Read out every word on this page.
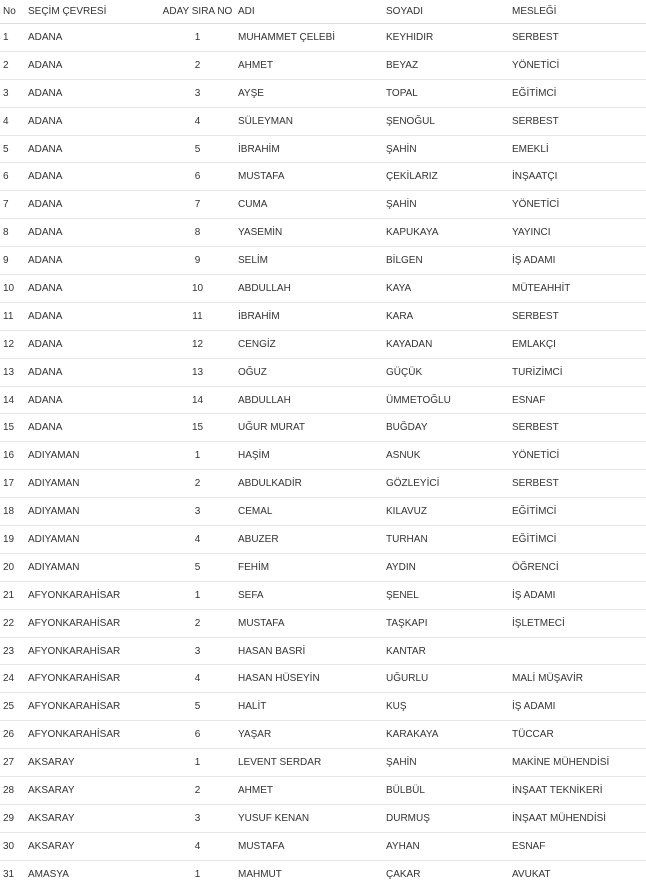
No	SEÇİM ÇEVRESİ	ADAY SIRA NO	ADI	SOYADI	MESLEĞİ
1	ADANA	1	MUHAMMET ÇELEBİ	KEYHIDIR	SERBEST
2	ADANA	2	AHMET	BEYAZ	YÖNETİCİ
3	ADANA	3	AYŞE	TOPAL	EĞİTİMCİ
4	ADANA	4	SÜLEYMAN	ŞENOĞUL	SERBEST
5	ADANA	5	İBRAHİM	ŞAHİN	EMEKLİ
6	ADANA	6	MUSTAFA	ÇEKİLARIZ	İNŞAATÇI
7	ADANA	7	CUMA	ŞAHİN	YÖNETİCİ
8	ADANA	8	YASEMİN	KAPUKAYA	YAYINCI
9	ADANA	9	SELİM	BİLGEN	İŞ ADAMI
10	ADANA	10	ABDULLAH	KAYA	MÜTEAHHİT
11	ADANA	11	İBRAHİM	KARA	SERBEST
12	ADANA	12	CENGİZ	KAYADAN	EMLAKÇI
13	ADANA	13	OĞUZ	GÜÇÜK	TURİZİMCİ
14	ADANA	14	ABDULLAH	ÜMMETOĞLU	ESNAF
15	ADANA	15	UĞUR MURAT	BUĞDAY	SERBEST
16	ADIYAMAN	1	HAŞİM	ASNUK	YÖNETİCİ
17	ADIYAMAN	2	ABDULKADİR	GÖZLEYİCİ	SERBEST
18	ADIYAMAN	3	CEMAL	KILAVUZ	EĞİTİMCİ
19	ADIYAMAN	4	ABUZER	TURHAN	EĞİTİMCİ
20	ADIYAMAN	5	FEHİM	AYDIN	ÖĞRENCİ
21	AFYONKARAHİSAR	1	SEFA	ŞENEL	İŞ ADAMI
22	AFYONKARAHİSAR	2	MUSTAFA	TAŞKAPI	İŞLETMECİ
23	AFYONKARAHİSAR	3	HASAN BASRİ	KANTAR	
24	AFYONKARAHİSAR	4	HASAN HÜSEYİN	UĞURLU	MALİ MÜŞAVİR
25	AFYONKARAHİSAR	5	HALİT	KUŞ	İŞ ADAMI
26	AFYONKARAHİSAR	6	YAŞAR	KARAKAYA	TÜCCAR
27	AKSARAY	1	LEVENT SERDAR	ŞAHİN	MAKİNE MÜHENDİSİ
28	AKSARAY	2	AHMET	BÜLBÜL	İNŞAAT TEKNİKERİ
29	AKSARAY	3	YUSUF KENAN	DURMUŞ	İNŞAAT MÜHENDİSİ
30	AKSARAY	4	MUSTAFA	AYHAN	ESNAF
31	AMASYA	1	MAHMUT	ÇAKAR	AVUKAT
